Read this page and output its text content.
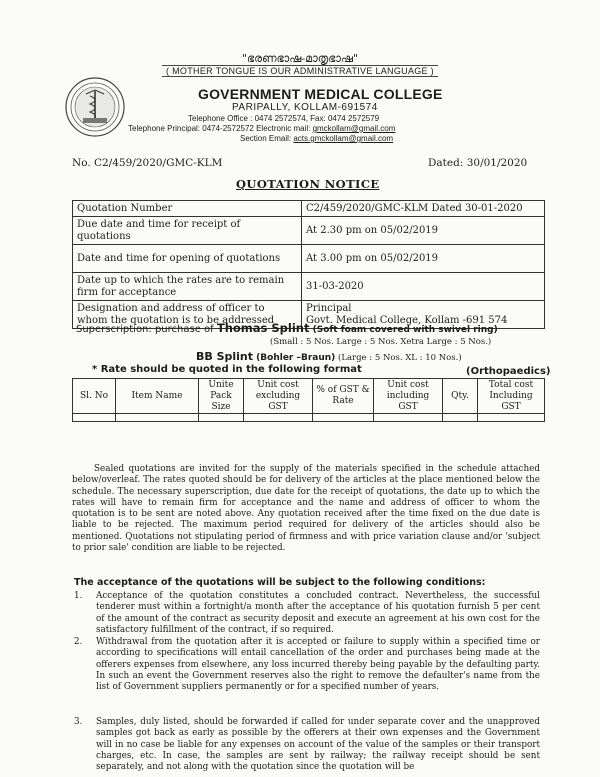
"ഭരണഭാഷ-മാതൃഭാഷ"
( MOTHER TONGUE IS OUR ADMINISTRATIVE LANGUAGE )
GOVERNMENT MEDICAL COLLEGE
PARIPALLY, KOLLAM-691574
Telephone Office : 0474 2572574, Fax: 0474 2572579
Telephone Principal: 0474-2572572 Electronic mail: gmckollam@gmail.com
Section Email: acts.gmckollam@gmail.com
No. C2/459/2020/GMC-KLM	Dated: 30/01/2020
QUOTATION NOTICE
Quotation Number	C2/459/2020/GMC-KLM Dated 30-01-2020
Due date and time for receipt of quotations	At 2.30 pm on 05/02/2019
Date and time for opening of quotations	At 3.00 pm on 05/02/2019
Date up to which the rates are to remain firm for acceptance	31-03-2020
Designation and address of officer to whom the quotation is to be addressed	Principal
Govt. Medical College, Kollam -691 574
Superscription: purchase of Thomas Splint (Soft foam covered with swivel ring)
(Small : 5 Nos. Large : 5 Nos. Xetra Large : 5 Nos.)
BB Splint (Bohler –Braun) (Large : 5 Nos. XL : 10 Nos.)
* Rate should be quoted in the following format	(Orthopaedics)
Sl. No	Item Name	Unite Pack Size	Unit cost excluding GST	% of GST & Rate	Unit cost including GST	Qty.	Total cost Including GST

Sealed quotations are invited for the supply of the materials specified in the schedule attached below/overleaf. The rates quoted should be for delivery of the articles at the place mentioned below the schedule. The necessary superscription, due date for the receipt of quotations, the date up to which the rates will have to remain firm for acceptance and the name and address of officer to whom the quotation is to be sent are noted above. Any quotation received after the time fixed on the due date is liable to be rejected. The maximum period required for delivery of the articles should also be mentioned. Quotations not stipulating period of firmness and with price variation clause and/or 'subject to prior sale' condition are liable to be rejected.
The acceptance of the quotations will be subject to the following conditions:
1. Acceptance of the quotation constitutes a concluded contract. Nevertheless, the successful tenderer must within a fortnight/a month after the acceptance of his quotation furnish 5 per cent of the amount of the contract as security deposit and execute an agreement at his own cost for the satisfactory fulfillment of the contract, if so required.
2. Withdrawal from the quotation after it is accepted or failure to supply within a specified time or according to specifications will entail cancellation of the order and purchases being made at the offerers expenses from elsewhere, any loss incurred thereby being payable by the defaulting party. In such an event the Government reserves also the right to remove the defaulter's name from the list of Government suppliers permanently or for a specified number of years.
3. Samples, duly listed, should be forwarded if called for under separate cover and the unapproved samples got back as early as possible by the offerers at their own expenses and the Government will in no case be liable for any expenses on account of the value of the samples or their transport charges, etc. In case, the samples are sent by railway; the railway receipt should be sent separately, and not along with the quotation since the quotation will be
